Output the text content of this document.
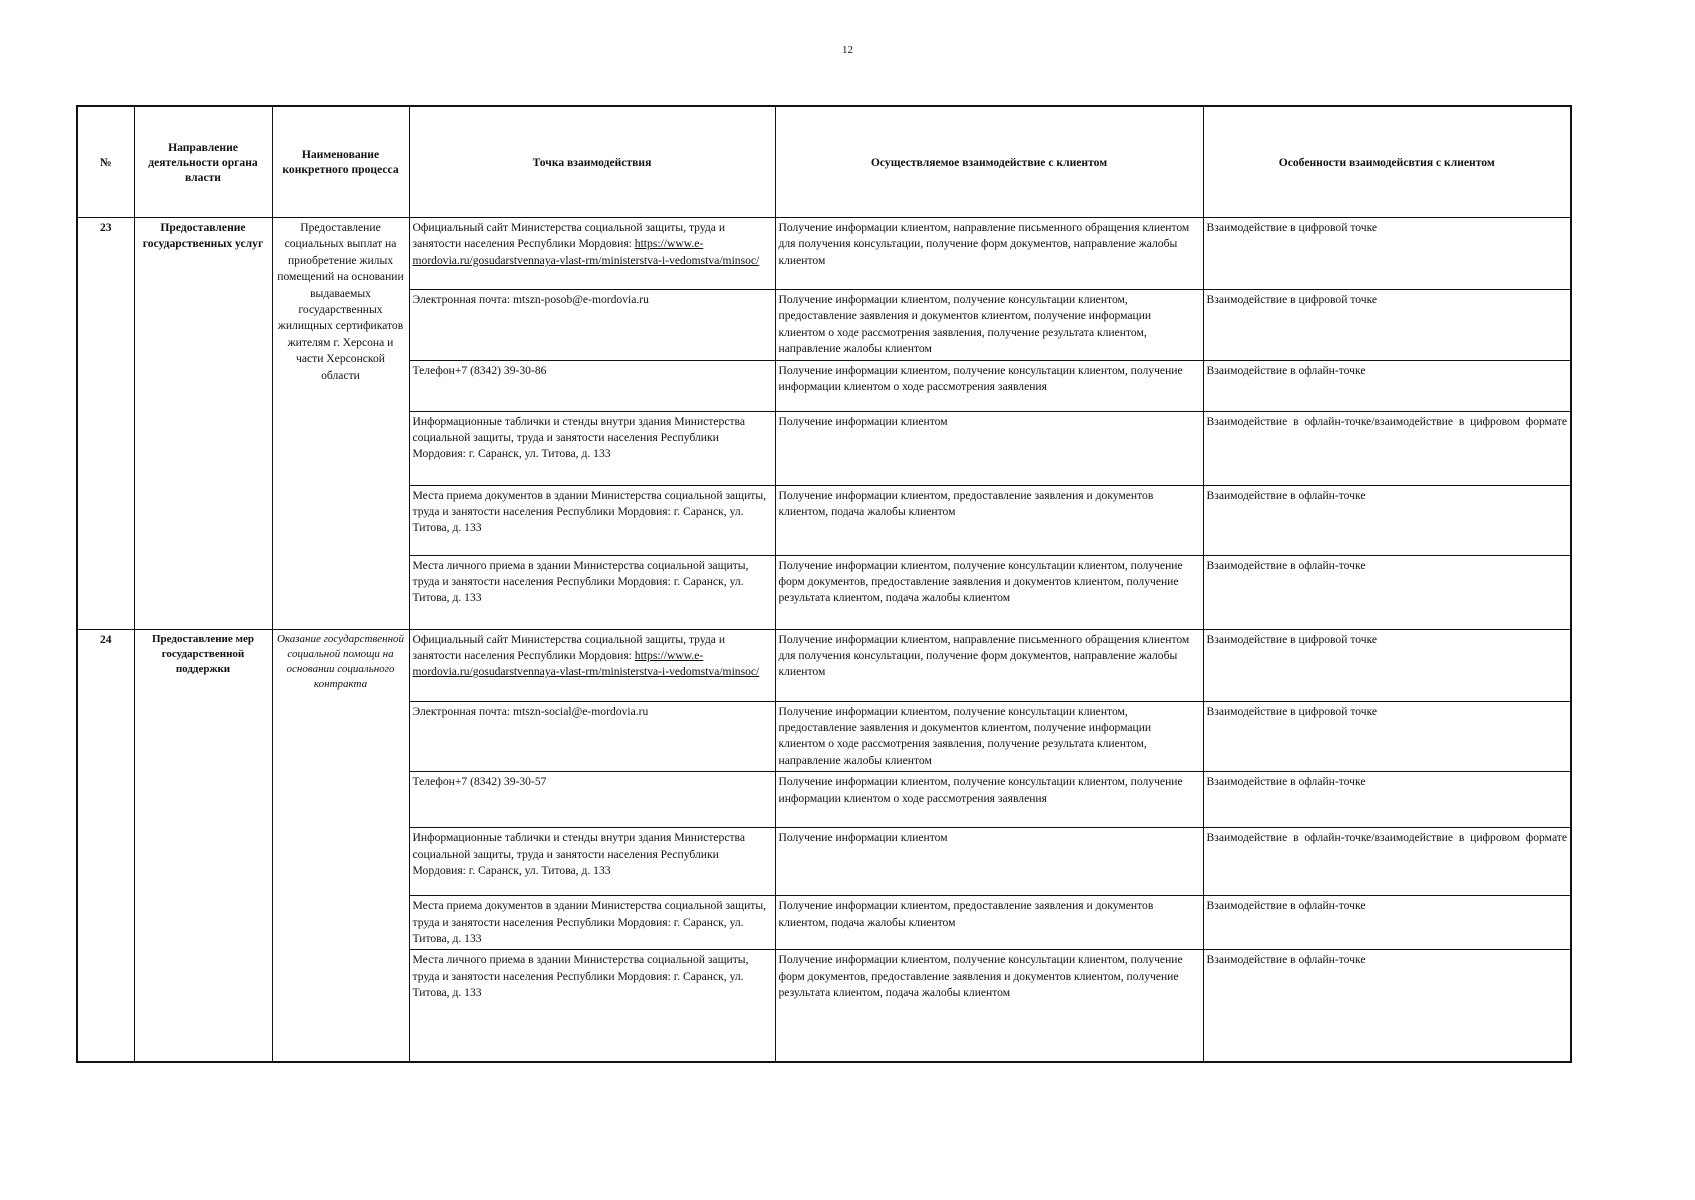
12
№	Направление деятельности органа власти	Наименование конкретного процесса	Точка взаимодействия	Осуществляемое взаимодействие с клиентом	Особенности взаимодейсвтия с клиентом
23	Предоставление государственных услуг	Предоставление социальных выплат на приобретение жилых помещений на основании выдаваемых государственных жилищных сертификатов жителям г. Херсона и части Херсонской области	Официальный сайт Министерства социальной защиты, труда и занятости населения Республики Мордовия: https://www.e-mordovia.ru/gosudarstvennaya-vlast-rm/ministerstva-i-vedomstva/minsoc/	Получение информации клиентом, направление письменного обращения клиентом для получения консультации, получение форм документов, направление жалобы клиентом	Взаимодействие в цифровой точке
			Электронная почта: mtszn-posob@e-mordovia.ru	Получение информации клиентом, получение консультации клиентом, предоставление заявления и документов клиентом, получение информации клиентом о ходе рассмотрения заявления, получение результата клиентом, направление жалобы клиентом	Взаимодействие в цифровой точке
			Телефон+7 (8342) 39-30-86	Получение информации клиентом, получение консультации клиентом, получение информации клиентом о ходе рассмотрения заявления	Взаимодействие в офлайн-точке
			Информационные таблички и стенды внутри здания Министерства социальной защиты, труда и занятости населения Республики Мордовия: г. Саранск, ул. Титова, д. 133	Получение информации клиентом	Взаимодействие в офлайн-точке/взаимодействие в цифровом формате
			Места приема документов в здании Министерства социальной защиты, труда и занятости населения Республики Мордовия: г. Саранск, ул. Титова, д. 133	Получение информации клиентом, предоставление заявления и документов клиентом, подача жалобы клиентом	Взаимодействие в офлайн-точке
			Места личного приема в здании Министерства социальной защиты, труда и занятости населения Республики Мордовия: г. Саранск, ул. Титова, д. 133	Получение информации клиентом, получение консультации клиентом, получение форм документов, предоставление заявления и документов клиентом, получение результата клиентом, подача жалобы клиентом	Взаимодействие в офлайн-точке
24	Предоставление мер государственной поддержки	Оказание государственной социальной помощи на основании социального контракта	Официальный сайт Министерства социальной защиты, труда и занятости населения Республики Мордовия: https://www.e-mordovia.ru/gosudarstvennaya-vlast-rm/ministerstva-i-vedomstva/minsoc/	Получение информации клиентом, направление письменного обращения клиентом для получения консультации, получение форм документов, направление жалобы клиентом	Взаимодействие в цифровой точке
			Электронная почта: mtszn-social@e-mordovia.ru	Получение информации клиентом, получение консультации клиентом, предоставление заявления и документов клиентом, получение информации клиентом о ходе рассмотрения заявления, получение результата клиентом, направление жалобы клиентом	Взаимодействие в цифровой точке
			Телефон+7 (8342) 39-30-57	Получение информации клиентом, получение консультации клиентом, получение информации клиентом о ходе рассмотрения заявления	Взаимодействие в офлайн-точке
			Информационные таблички и стенды внутри здания Министерства социальной защиты, труда и занятости населения Республики Мордовия: г. Саранск, ул. Титова, д. 133	Получение информации клиентом	Взаимодействие в офлайн-точке/взаимодействие в цифровом формате
			Места приема документов в здании Министерства социальной защиты, труда и занятости населения Республики Мордовия: г. Саранск, ул. Титова, д. 133	Получение информации клиентом, предоставление заявления и документов клиентом, подача жалобы клиентом	Взаимодействие в офлайн-точке
			Места личного приема в здании Министерства социальной защиты, труда и занятости населения Республики Мордовия: г. Саранск, ул. Титова, д. 133	Получение информации клиентом, получение консультации клиентом, получение форм документов, предоставление заявления и документов клиентом, получение результата клиентом, подача жалобы клиентом	Взаимодействие в офлайн-точке
